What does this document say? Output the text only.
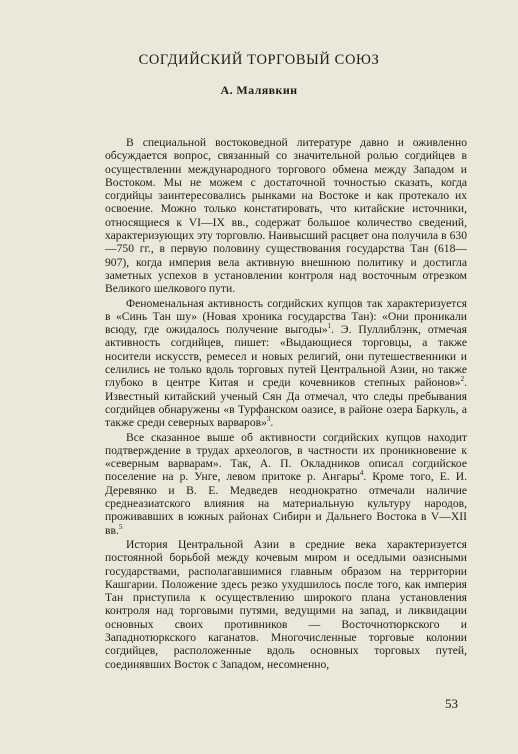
СОГДИЙСКИЙ ТОРГОВЫЙ СОЮЗ
А. Малявкин

В специальной востоковедной литературе давно и оживленно обсуждается вопрос, связанный со значительной ролью согдийцев в осуществлении международного торгового обмена между Западом и Востоком. Мы не можем с достаточной точностью сказать, когда согдийцы заинтересовались рынками на Востоке и как протекало их освоение. Можно только констатировать, что китайские источники, относящиеся к VI—IX вв., содержат большое количество сведений, характеризующих эту торговлю. Наивысший расцвет она получила в 630—750 гг., в первую половину существования государства Тан (618—907), когда империя вела активную внешнюю политику и достигла заметных успехов в установлении контроля над восточным отрезком Великого шелкового пути.

Феноменальная активность согдийских купцов так характеризуется в «Синь Тан шу» (Новая хроника государства Тан): «Они проникали всюду, где ожидалось получение выгоды»$^1$. Э. Пуллиблэнк, отмечая активность согдийцев, пишет: «Выдающиеся торговцы, а также носители искусств, ремесел и новых религий, они путешественники и селились не только вдоль торговых путей Центральной Азии, но также глубоко в центре Китая и среди кочевников степных районов»$^2$. Известный китайский ученый Сян Да отмечал, что следы пребывания согдийцев обнаружены «в Турфанском оазисе, в районе озера Баркуль, а также среди северных варваров»$^3$.

Все сказанное выше об активности согдийских купцов находит подтверждение в трудах археологов, в частности их проникновение к «северным варварам». Так, А. П. Окладников описал согдийское поселение на р. Унге, левом притоке р. Ангары$^4$. Кроме того, Е. И. Деревянко и В. Е. Медведев неоднократно отмечали наличие среднеазиатского влияния на материальную культуру народов, проживавших в южных районах Сибири и Дальнего Востока в V—XII вв.$^5$

История Центральной Азии в средние века характеризуется постоянной борьбой между кочевым миром и оседлыми оазисными государствами, располагавшимися главным образом на территории Кашгарии. Положение здесь резко ухудшилось после того, как империя Тан приступила к осуществлению широкого плана установления контроля над торговыми путями, ведущими на запад, и ликвидации основных своих противников — Восточнотюркского и Западнотюркского каганатов. Многочисленные торговые колонии согдийцев, расположенные вдоль основных торговых путей, соединявших Восток с Западом, несомненно,

53
